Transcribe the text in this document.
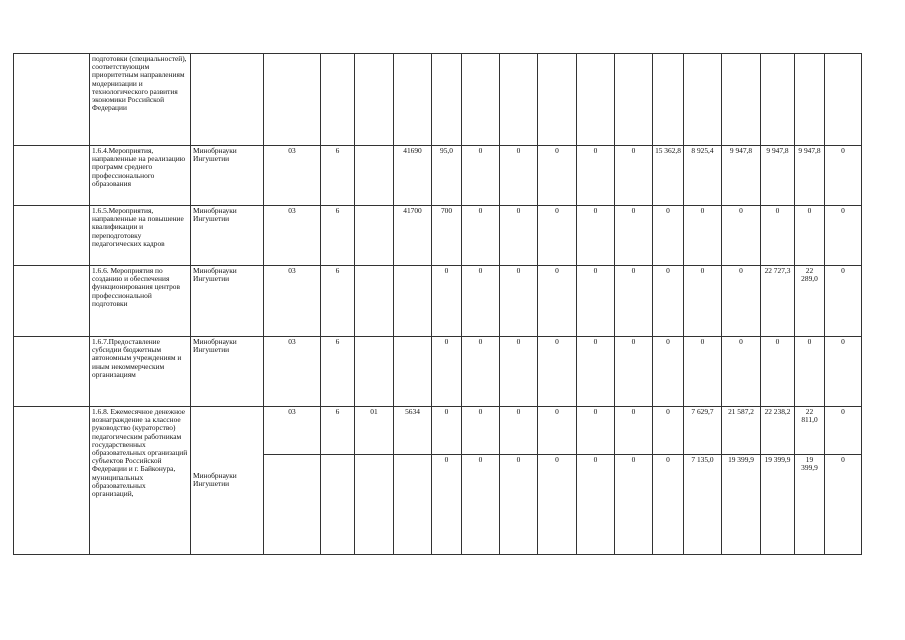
	подготовки (специальностей), соответствующим приоритетным направлениям модернизации и технологического развития экономики Российской Федерации																	
	1.6.4.Мероприятия, направленные на реализацию программ среднего профессионального образования	Минобрнауки Ингушетии	03	6		41690	95,0	0	0	0	0	0	15 362,8	8 925,4	9 947,8	9 947,8	9 947,8	0
	1.6.5.Мероприятия, направленные на повышение квалификации и переподготовку педагогических кадров	Минобрнауки Ингушетии	03	6		41700	700	0	0	0	0	0	0	0	0	0	0	0
	1.6.6. Мероприятия по созданию и обеспечения функционирования центров профессиональной подготовки	Минобрнауки Ингушетии	03	6			0	0	0	0	0	0	0	0	0	22 727,3	22 289,0	0
	1.6.7.Предоставление субсидии бюджетным автономным учреждениям и иным некоммерческим организациям	Минобрнауки Ингушетии	03	6			0	0	0	0	0	0	0	0	0	0	0	0
	1.6.8. Ежемесячное денежное вознаграждение за классное руководство (кураторство) педагогическим работникам государственных образовательных организаций субъектов Российской Федерации и г. Байконура, муниципальных образовательных организаций,	Минобрнауки Ингушетии	03	6	01	5634	0	0	0	0	0	0	0	7 629,7	21 587,2	22 238,2	22 811,0	0
							0	0	0	0	0	0	0	7 135,0	19 399,9	19 399,9	19 399,9	0
